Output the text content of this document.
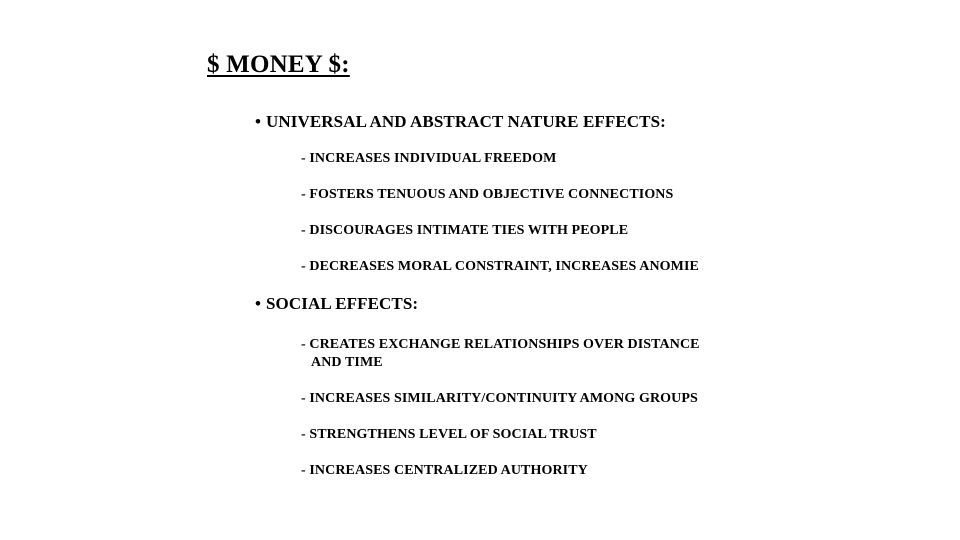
$ MONEY $:
• UNIVERSAL AND ABSTRACT NATURE EFFECTS:
- INCREASES INDIVIDUAL FREEDOM
- FOSTERS TENUOUS AND OBJECTIVE CONNECTIONS
- DISCOURAGES INTIMATE TIES WITH PEOPLE
- DECREASES MORAL CONSTRAINT, INCREASES ANOMIE
• SOCIAL EFFECTS:
- CREATES EXCHANGE RELATIONSHIPS OVER DISTANCE
AND TIME
- INCREASES SIMILARITY/CONTINUITY AMONG GROUPS
- STRENGTHENS LEVEL OF SOCIAL TRUST
- INCREASES CENTRALIZED AUTHORITY
